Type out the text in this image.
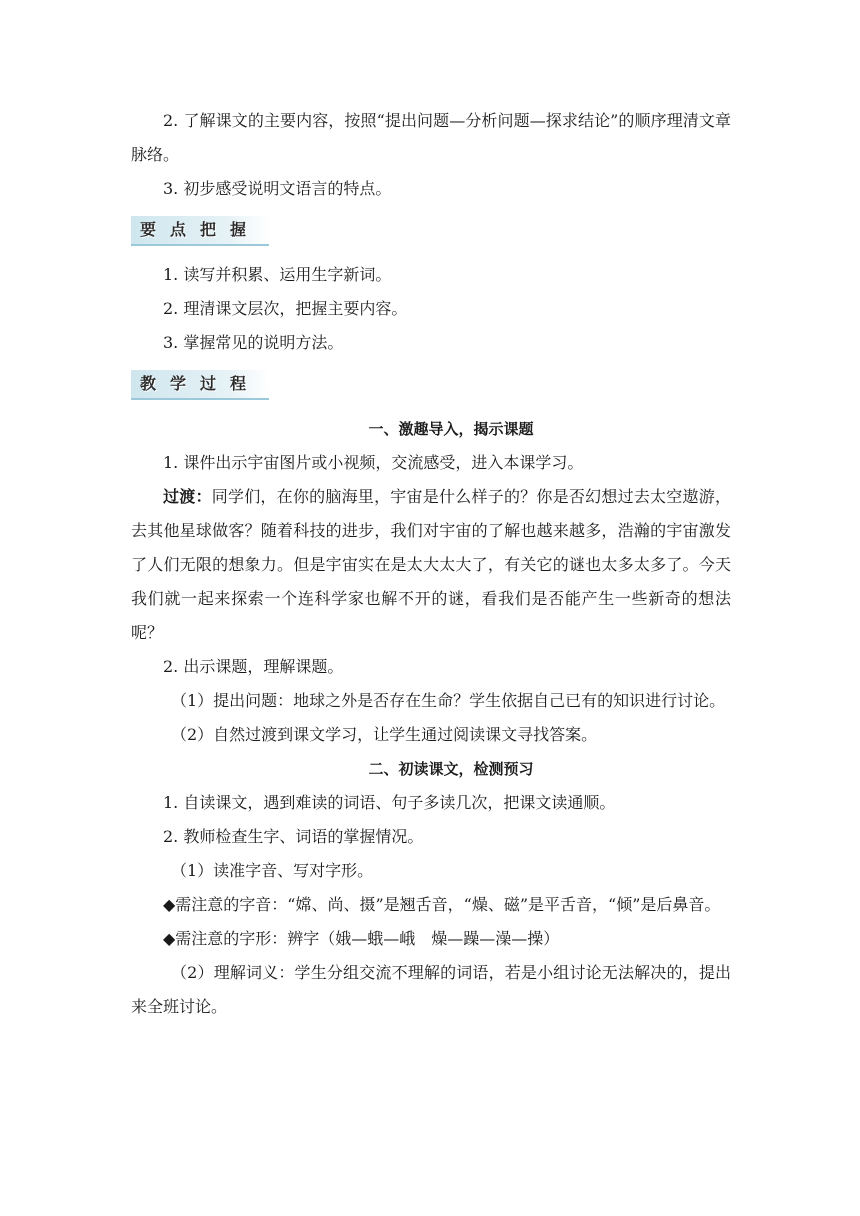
2. 了解课文的主要内容，按照“提出问题—分析问题—探求结论”的顺序理清文章脉络。

3. 初步感受说明文语言的特点。

要 点 把 握

1. 读写并积累、运用生字新词。

2. 理清课文层次，把握主要内容。

3. 掌握常见的说明方法。

教 学 过 程

一、激趣导入，揭示课题

1. 课件出示宇宙图片或小视频，交流感受，进入本课学习。

过渡：同学们，在你的脑海里，宇宙是什么样子的？你是否幻想过去太空遨游，去其他星球做客？随着科技的进步，我们对宇宙的了解也越来越多，浩瀚的宇宙激发了人们无限的想象力。但是宇宙实在是太大太大了，有关它的谜也太多太多了。今天我们就一起来探索一个连科学家也解不开的谜，看我们是否能产生一些新奇的想法呢？

2. 出示课题，理解课题。

（1）提出问题：地球之外是否存在生命？学生依据自己已有的知识进行讨论。

（2）自然过渡到课文学习，让学生通过阅读课文寻找答案。

二、初读课文，检测预习

1. 自读课文，遇到难读的词语、句子多读几次，把课文读通顺。

2. 教师检查生字、词语的掌握情况。

（1）读准字音、写对字形。

◆需注意的字音：“嫦、尚、摄”是翘舌音，“燥、磁”是平舌音，“倾”是后鼻音。

◆需注意的字形：辨字（娥—蛾—峨　燥—躁—澡—操）

（2）理解词义：学生分组交流不理解的词语，若是小组讨论无法解决的，提出来全班讨论。
